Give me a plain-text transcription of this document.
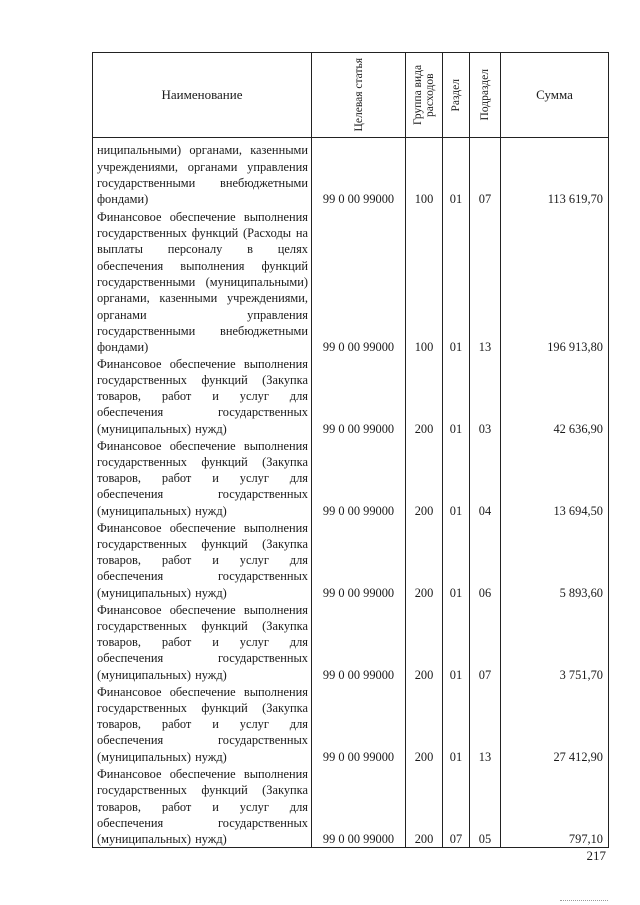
Наименование	Целевая статья	Группа вида расходов	Раздел	Подраздел	Сумма
ниципальными) органами, казенными учреждениями, органами управления государственными внебюджетными фондами)	99 0 00 99000	100	01	07	113 619,70
Финансовое обеспечение выполнения государственных функций (Расходы на выплаты персоналу в целях обеспечения выполнения функций государственными (муниципальными) органами, казенными учреждениями, органами управления государственными внебюджетными фондами)	99 0 00 99000	100	01	13	196 913,80
Финансовое обеспечение выполнения государственных функций (Закупка товаров, работ и услуг для обеспечения государственных (муниципальных) нужд)	99 0 00 99000	200	01	03	42 636,90
Финансовое обеспечение выполнения государственных функций (Закупка товаров, работ и услуг для обеспечения государственных (муниципальных) нужд)	99 0 00 99000	200	01	04	13 694,50
Финансовое обеспечение выполнения государственных функций (Закупка товаров, работ и услуг для обеспечения государственных (муниципальных) нужд)	99 0 00 99000	200	01	06	5 893,60
Финансовое обеспечение выполнения государственных функций (Закупка товаров, работ и услуг для обеспечения государственных (муниципальных) нужд)	99 0 00 99000	200	01	07	3 751,70
Финансовое обеспечение выполнения государственных функций (Закупка товаров, работ и услуг для обеспечения государственных (муниципальных) нужд)	99 0 00 99000	200	01	13	27 412,90
Финансовое обеспечение выполнения государственных функций (Закупка товаров, работ и услуг для обеспечения государственных (муниципальных) нужд)	99 0 00 99000	200	07	05	797,10
217
